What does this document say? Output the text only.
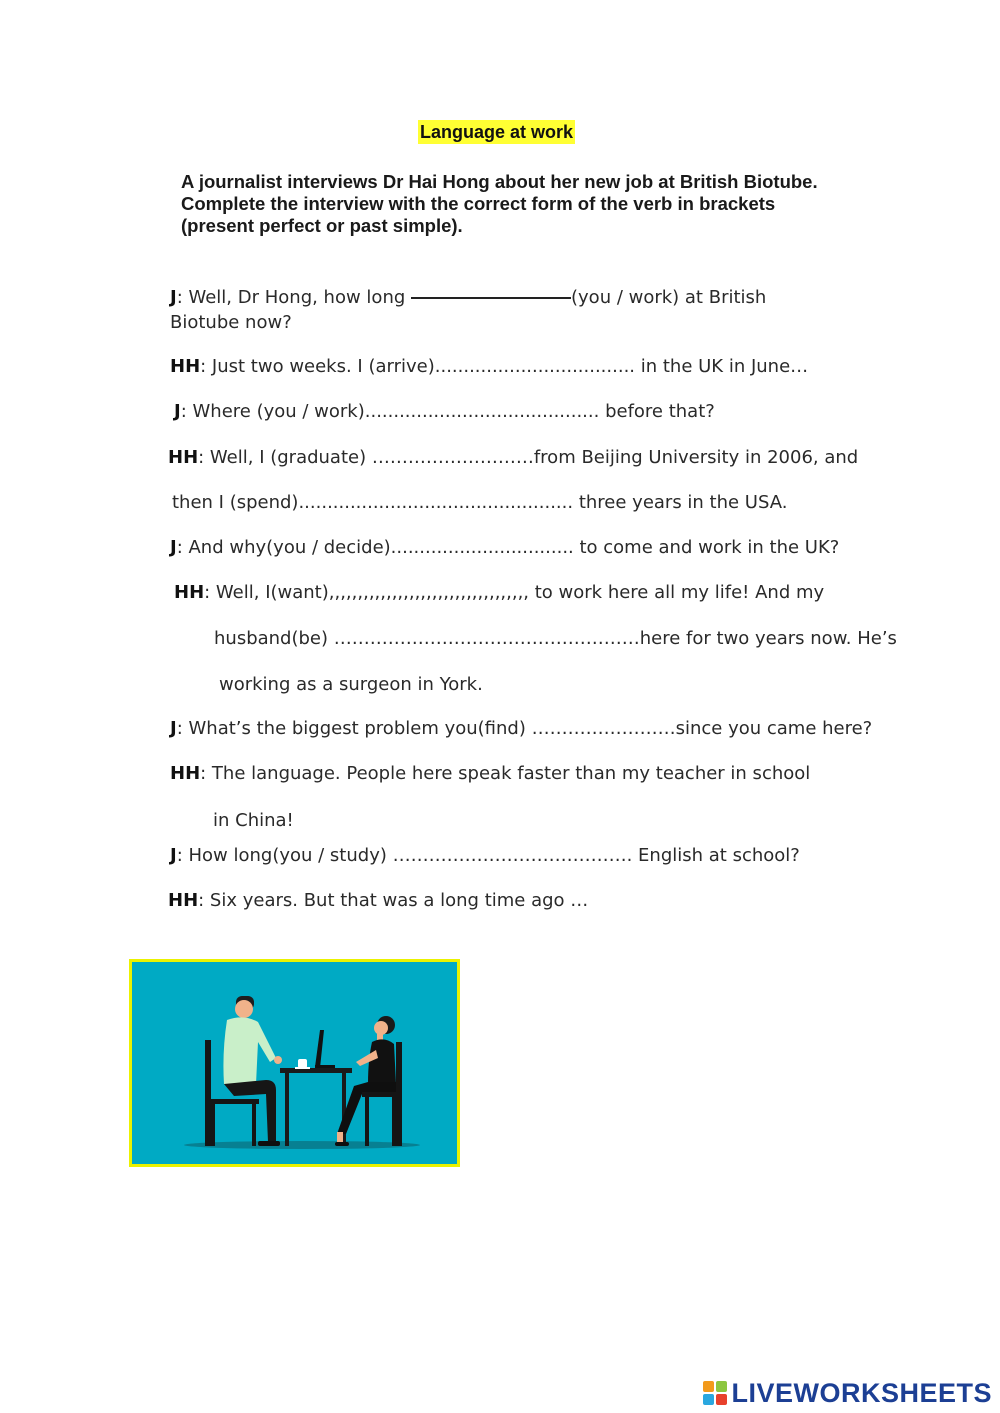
Language at work

A journalist interviews Dr Hai Hong about her new job at British Biotube. Complete the interview with the correct form of the verb in brackets (present perfect or past simple).

J: Well, Dr Hong, how long	(you / work) at British
Biotube now?
HH: Just two weeks. I (arrive)................................... in the UK in June…
J: Where (you / work)......................................... before that?
HH: Well, I (graduate) ………………………from Beijing University in 2006, and
then I (spend)................................................ three years in the USA.
J: And why(you / decide)................................ to come and work in the UK?
HH: Well, I(want),,,,,,,,,,,,,,,,,,,,,,,,,,,,,,,,,,, to work here all my life! And my
husband(be) ……………………………………………here for two years now. He’s
working as a surgeon in York.
J: What’s the biggest problem you(find) ……………………since you came here?
HH: The language. People here speak faster than my teacher in school
in China!
J: How long(you / study) …………………………………. English at school?
HH: Six years. But that was a long time ago …
LIVEWORKSHEETS
